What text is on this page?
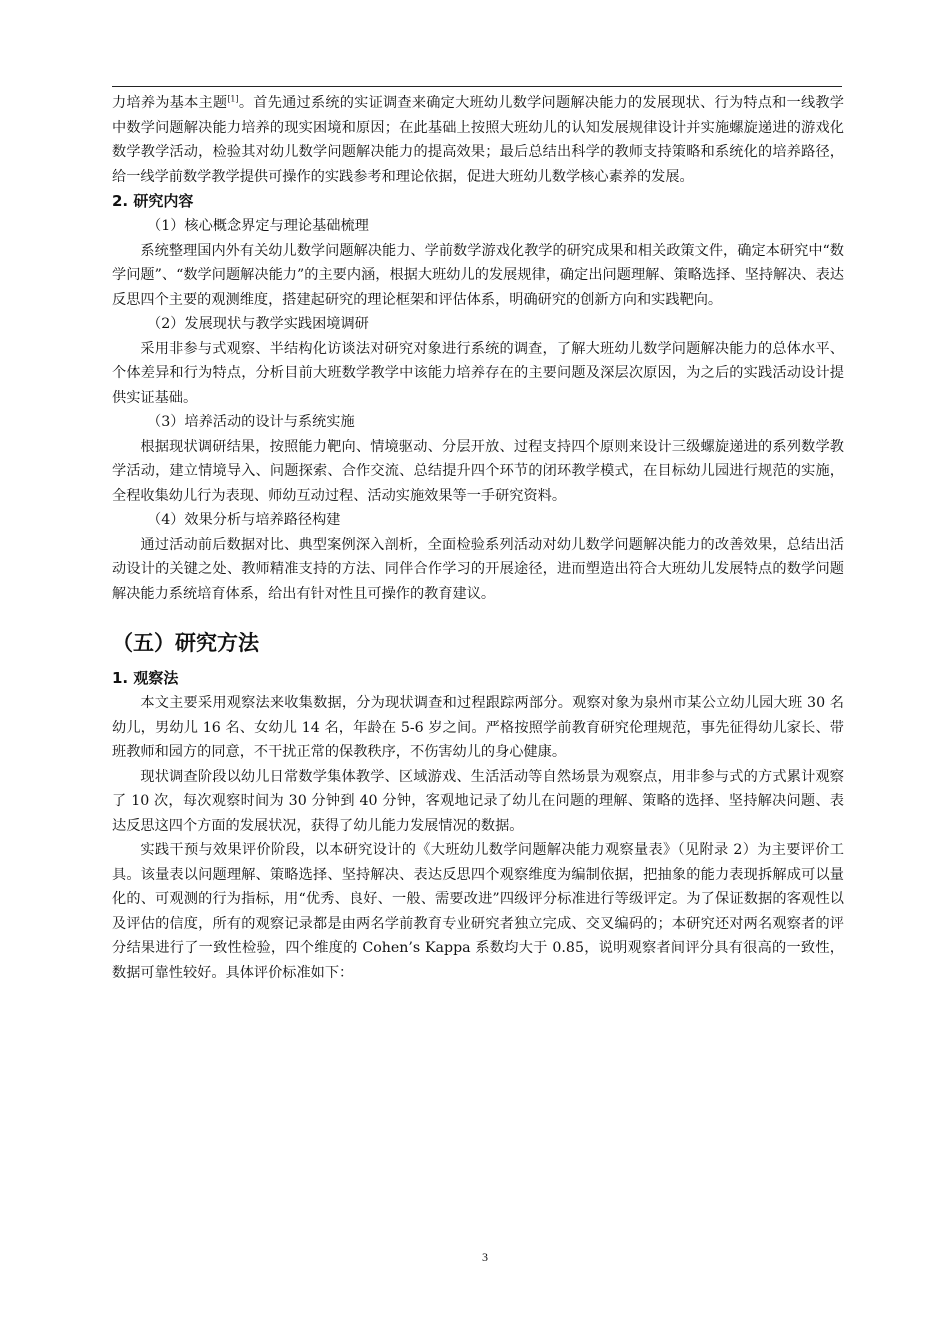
力培养为基本主题[1]。首先通过系统的实证调查来确定大班幼儿数学问题解决能力的发展现状、行为特点和一线教学中数学问题解决能力培养的现实困境和原因；在此基础上按照大班幼儿的认知发展规律设计并实施螺旋递进的游戏化数学教学活动，检验其对幼儿数学问题解决能力的提高效果；最后总结出科学的教师支持策略和系统化的培养路径，给一线学前数学教学提供可操作的实践参考和理论依据，促进大班幼儿数学核心素养的发展。

2. 研究内容

（1）核心概念界定与理论基础梳理

系统整理国内外有关幼儿数学问题解决能力、学前数学游戏化教学的研究成果和相关政策文件，确定本研究中“数学问题”、“数学问题解决能力”的主要内涵，根据大班幼儿的发展规律，确定出问题理解、策略选择、坚持解决、表达反思四个主要的观测维度，搭建起研究的理论框架和评估体系，明确研究的创新方向和实践靶向。

（2）发展现状与教学实践困境调研

采用非参与式观察、半结构化访谈法对研究对象进行系统的调查，了解大班幼儿数学问题解决能力的总体水平、个体差异和行为特点，分析目前大班数学教学中该能力培养存在的主要问题及深层次原因，为之后的实践活动设计提供实证基础。

（3）培养活动的设计与系统实施

根据现状调研结果，按照能力靶向、情境驱动、分层开放、过程支持四个原则来设计三级螺旋递进的系列数学教学活动，建立情境导入、问题探索、合作交流、总结提升四个环节的闭环教学模式，在目标幼儿园进行规范的实施，全程收集幼儿行为表现、师幼互动过程、活动实施效果等一手研究资料。

（4）效果分析与培养路径构建

通过活动前后数据对比、典型案例深入剖析，全面检验系列活动对幼儿数学问题解决能力的改善效果，总结出活动设计的关键之处、教师精准支持的方法、同伴合作学习的开展途径，进而塑造出符合大班幼儿发展特点的数学问题解决能力系统培育体系，给出有针对性且可操作的教育建议。

（五）研究方法
1. 观察法

本文主要采用观察法来收集数据，分为现状调查和过程跟踪两部分。观察对象为泉州市某公立幼儿园大班 30 名幼儿，男幼儿 16 名、女幼儿 14 名，年龄在 5-6 岁之间。严格按照学前教育研究伦理规范，事先征得幼儿家长、带班教师和园方的同意，不干扰正常的保教秩序，不伤害幼儿的身心健康。

现状调查阶段以幼儿日常数学集体教学、区域游戏、生活活动等自然场景为观察点，用非参与式的方式累计观察了 10 次，每次观察时间为 30 分钟到 40 分钟，客观地记录了幼儿在问题的理解、策略的选择、坚持解决问题、表达反思这四个方面的发展状况，获得了幼儿能力发展情况的数据。

实践干预与效果评价阶段，以本研究设计的《大班幼儿数学问题解决能力观察量表》（见附录 2）为主要评价工具。该量表以问题理解、策略选择、坚持解决、表达反思四个观察维度为编制依据，把抽象的能力表现拆解成可以量化的、可观测的行为指标，用“优秀、良好、一般、需要改进”四级评分标准进行等级评定。为了保证数据的客观性以及评估的信度，所有的观察记录都是由两名学前教育专业研究者独立完成、交叉编码的；本研究还对两名观察者的评分结果进行了一致性检验，四个维度的 Cohen’s Kappa 系数均大于 0.85，说明观察者间评分具有很高的一致性，数据可靠性较好。具体评价标准如下：

3
